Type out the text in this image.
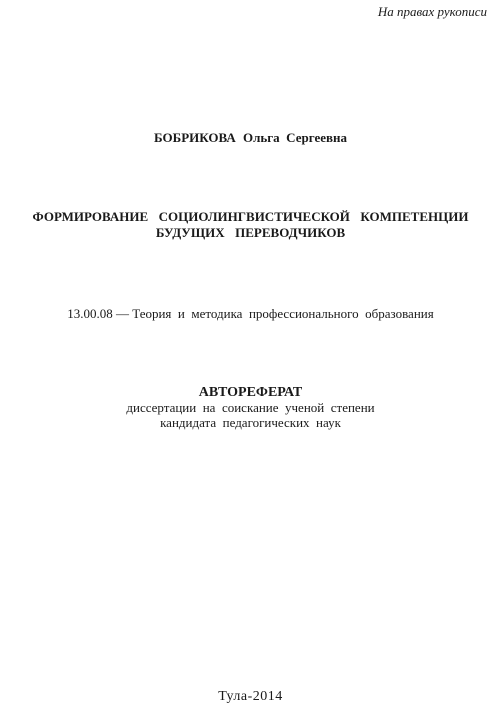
На правах рукописи
БОБРИКОВА Ольга  Сергеевна
ФОРМИРОВАНИЕ  СОЦИОЛИНГВИСТИЧЕСКОЙ  КОМПЕТЕНЦИИ
БУДУЩИХ  ПЕРЕВОДЧИКОВ
13.00.08 — Теория  и  методика  профессионального  образования
АВТОРЕФЕРАТ
диссертации  на  соискание  ученой  степени
кандидата  педагогических  наук
Тула-2014
